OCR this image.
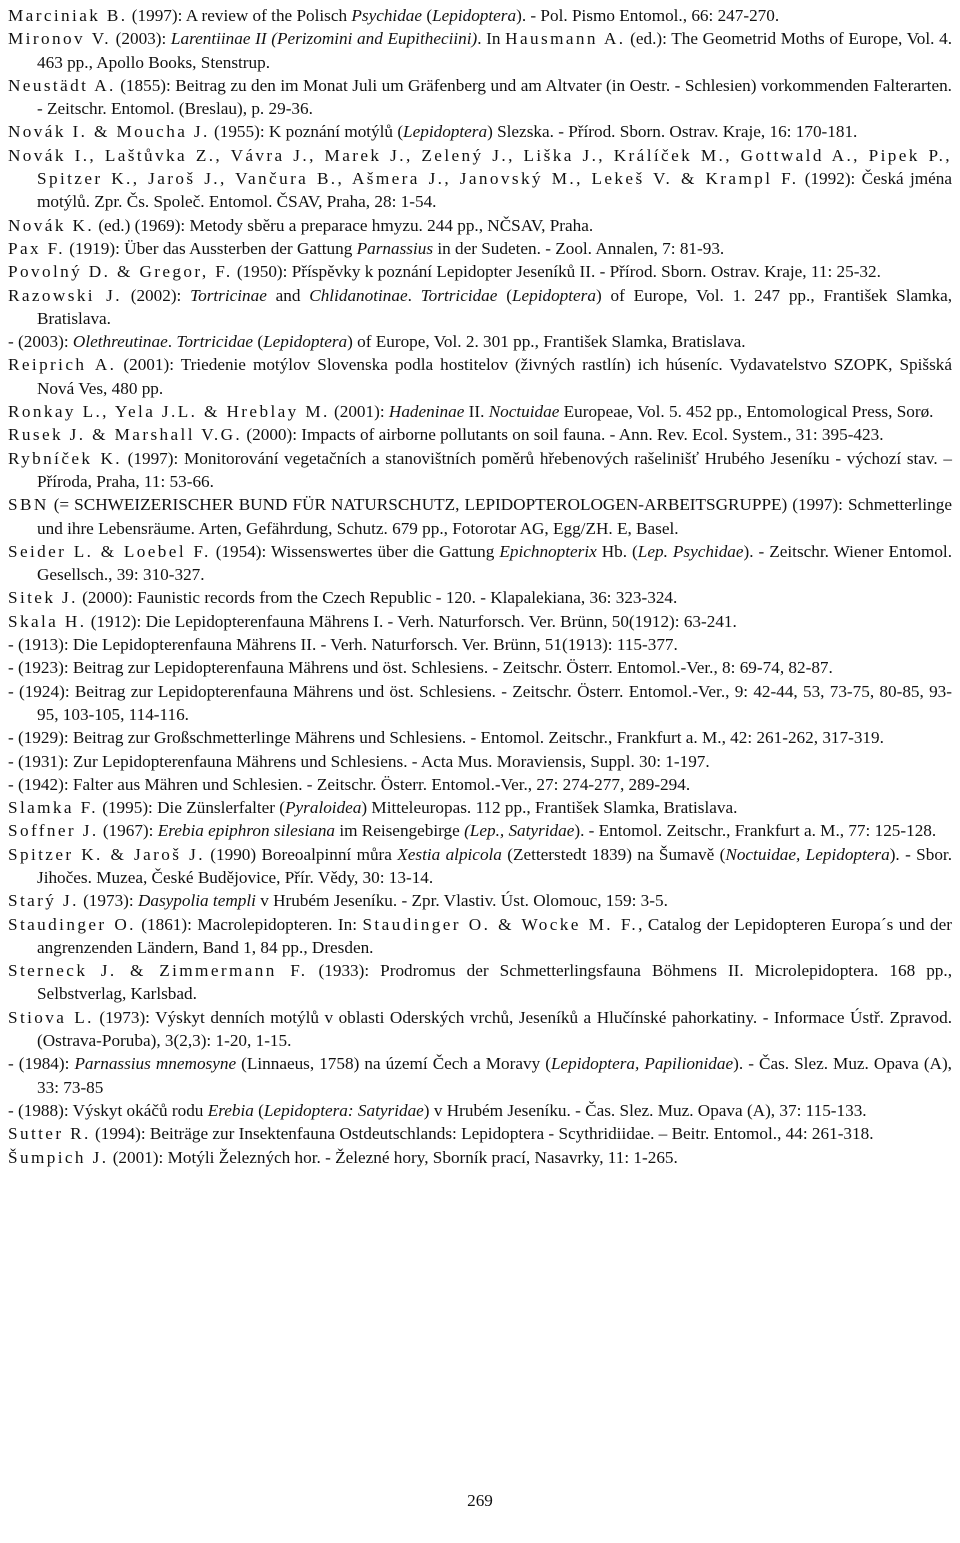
Marciniak B. (1997): A review of the Polisch Psychidae (Lepidoptera). - Pol. Pismo Entomol., 66: 247-270.

Mironov V. (2003): Larentiinae II (Perizomini and Eupitheciini). In Hausmann A. (ed.): The Geometrid Moths of Europe, Vol. 4. 463 pp., Apollo Books, Stenstrup.

Neustädt A. (1855): Beitrag zu den im Monat Juli um Gräfenberg und am Altvater (in Oestr. - Schlesien) vorkommenden Falterarten. - Zeitschr. Entomol. (Breslau), p. 29-36.

Novák I. & Moucha J. (1955): K poznání motýlů (Lepidoptera) Slezska. - Přírod. Sborn. Ostrav. Kraje, 16: 170-181.

Novák I., Laštůvka Z., Vávra J., Marek J., Zelený J., Liška J., Králíček M., Gottwald A., Pipek P., Spitzer K., Jaroš J., Vančura B., Ašmera J., Janovský M., Lekeš V. & Krampl F. (1992): Česká jména motýlů. Zpr. Čs. Společ. Entomol. ČSAV, Praha, 28: 1-54.

Novák K. (ed.) (1969): Metody sběru a preparace hmyzu. 244 pp., NČSAV, Praha.

Pax F. (1919): Über das Aussterben der Gattung Parnassius in der Sudeten. - Zool. Annalen, 7: 81-93.

Povolný D. & Gregor, F. (1950): Příspěvky k poznání Lepidopter Jeseníků II. - Přírod. Sborn. Ostrav. Kraje, 11: 25-32.

Razowski J. (2002): Tortricinae and Chlidanotinae. Tortricidae (Lepidoptera) of Europe, Vol. 1. 247 pp., František Slamka, Bratislava.

- (2003): Olethreutinae. Tortricidae (Lepidoptera) of Europe, Vol. 2. 301 pp., František Slamka, Bratislava.

Reiprich A. (2001): Triedenie motýlov Slovenska podla hostitelov (živných rastlín) ich húseníc. Vydavatelstvo SZOPK, Spišská Nová Ves, 480 pp.

Ronkay L., Yela J.L. & Hreblay M. (2001): Hadeninae II. Noctuidae Europeae, Vol. 5. 452 pp., Entomological Press, Sorø.

Rusek J. & Marshall V.G. (2000): Impacts of airborne pollutants on soil fauna. - Ann. Rev. Ecol. System., 31: 395-423.

Rybníček K. (1997): Monitorování vegetačních a stanovištních poměrů hřebenových rašelinišť Hrubého Jeseníku - výchozí stav. – Příroda, Praha, 11: 53-66.

SBN (= SCHWEIZERISCHER BUND FÜR NATURSCHUTZ, LEPIDOPTEROLOGEN-ARBEITSGRUPPE) (1997): Schmetterlinge und ihre Lebensräume. Arten, Gefährdung, Schutz. 679 pp., Fotorotar AG, Egg/ZH. E, Basel.

Seider L. & Loebel F. (1954): Wissenswertes über die Gattung Epichnopterix Hb. (Lep. Psychidae). - Zeitschr. Wiener Entomol. Gesellsch., 39: 310-327.

Sitek J. (2000): Faunistic records from the Czech Republic - 120. - Klapalekiana, 36: 323-324.

Skala H. (1912): Die Lepidopterenfauna Mährens I. - Verh. Naturforsch. Ver. Brünn, 50(1912): 63-241.

- (1913): Die Lepidopterenfauna Mährens II. - Verh. Naturforsch. Ver. Brünn, 51(1913): 115-377.

- (1923): Beitrag zur Lepidopterenfauna Mährens und öst. Schlesiens. - Zeitschr. Österr. Entomol.-Ver., 8: 69-74, 82-87.

- (1924): Beitrag zur Lepidopterenfauna Mährens und öst. Schlesiens. - Zeitschr. Österr. Entomol.-Ver., 9: 42-44, 53, 73-75, 80-85, 93-95, 103-105, 114-116.

- (1929): Beitrag zur Großschmetterlinge Mährens und Schlesiens. - Entomol. Zeitschr., Frankfurt a. M., 42: 261-262, 317-319.

- (1931): Zur Lepidopterenfauna Mährens und Schlesiens. - Acta Mus. Moraviensis, Suppl. 30: 1-197.

- (1942): Falter aus Mähren und Schlesien. - Zeitschr. Österr. Entomol.-Ver., 27: 274-277, 289-294.

Slamka F. (1995): Die Zünslerfalter (Pyraloidea) Mitteleuropas. 112 pp., František Slamka, Bratislava.

Soffner J. (1967): Erebia epiphron silesiana im Reisengebirge (Lep., Satyridae). - Entomol. Zeitschr., Frankfurt a. M., 77: 125-128.

Spitzer K. & Jaroš J. (1990) Boreoalpinní můra Xestia alpicola (Zetterstedt 1839) na Šumavě (Noctuidae, Lepidoptera). - Sbor. Jihočes. Muzea, České Budějovice, Přír. Vědy, 30: 13-14.

Starý J. (1973): Dasypolia templi v Hrubém Jeseníku. - Zpr. Vlastiv. Úst. Olomouc, 159: 3-5.

Staudinger O. (1861): Macrolepidopteren. In: Staudinger O. & Wocke M. F., Catalog der Lepidopteren Europa´s und der angrenzenden Ländern, Band 1, 84 pp., Dresden.

Sterneck J. & Zimmermann F. (1933): Prodromus der Schmetterlingsfauna Böhmens II. Microlepidoptera. 168 pp., Selbstverlag, Karlsbad.

Stiova L. (1973): Výskyt denních motýlů v oblasti Oderských vrchů, Jeseníků a Hlučínské pahorkatiny. - Informace Ústř. Zpravod. (Ostrava-Poruba), 3(2,3): 1-20, 1-15.

- (1984): Parnassius mnemosyne (Linnaeus, 1758) na území Čech a Moravy (Lepidoptera, Papilionidae). - Čas. Slez. Muz. Opava (A), 33: 73-85

- (1988): Výskyt okáčů rodu Erebia (Lepidoptera: Satyridae) v Hrubém Jeseníku. - Čas. Slez. Muz. Opava (A), 37: 115-133.

Sutter R. (1994): Beiträge zur Insektenfauna Ostdeutschlands: Lepidoptera - Scythridiidae. – Beitr. Entomol., 44: 261-318.

Šumpich J. (2001): Motýli Železných hor. - Železné hory, Sborník prací, Nasavrky, 11: 1-265.

269
